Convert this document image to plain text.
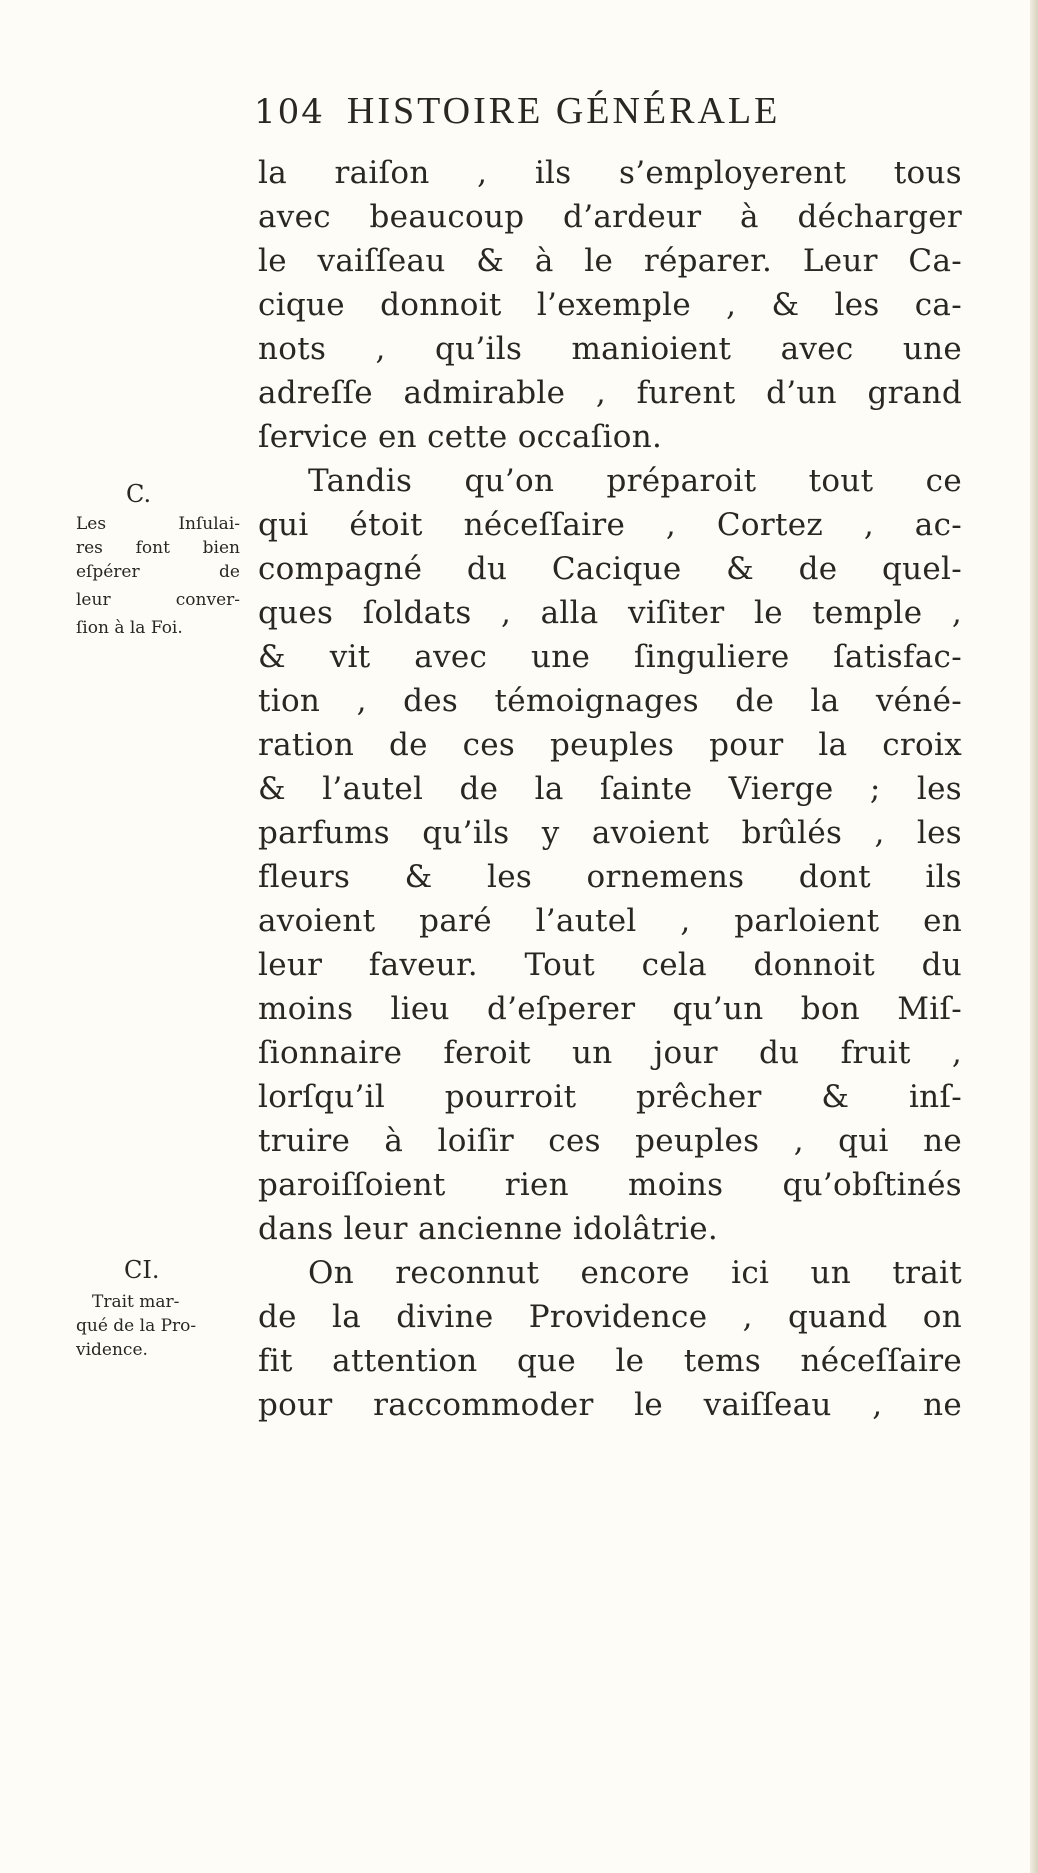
104 HISTOIRE GÉNÉRALE
la raiſon , ils s’employerent tous
avec beaucoup d’ardeur à décharger
le vaiſſeau & à le réparer. Leur Ca-
cique donnoit l’exemple , & les ca-
nots , qu’ils manioient avec une
adreſſe admirable , furent d’un grand
ſervice en cette occaſion.
Tandis qu’on préparoit tout ce
qui étoit néceſſaire , Cortez , ac-
compagné du Cacique & de quel-
ques ſoldats , alla viſiter le temple ,
& vit avec une ſinguliere ſatisfac-
tion , des témoignages de la véné-
ration de ces peuples pour la croix
& l’autel de la ſainte Vierge ; les
parfums qu’ils y avoient brûlés , les
fleurs & les ornemens dont ils
avoient paré l’autel , parloient en
leur faveur. Tout cela donnoit du
moins lieu d’eſperer qu’un bon Miſ-
ſionnaire feroit un jour du fruit ,
lorſqu’il pourroit prêcher & inſ-
truire à loiſir ces peuples , qui ne
paroiſſoient rien moins qu’obſtinés
dans leur ancienne idolâtrie.
On reconnut encore ici un trait
de la divine Providence , quand on
fit attention que le tems néceſſaire
pour raccommoder le vaiſſeau , ne
C.
Les Inſulai-
res font bien
eſpérer de
leur conver-
ſion à la Foi.
CI.
Trait mar-
qué de la Pro-
vidence.
